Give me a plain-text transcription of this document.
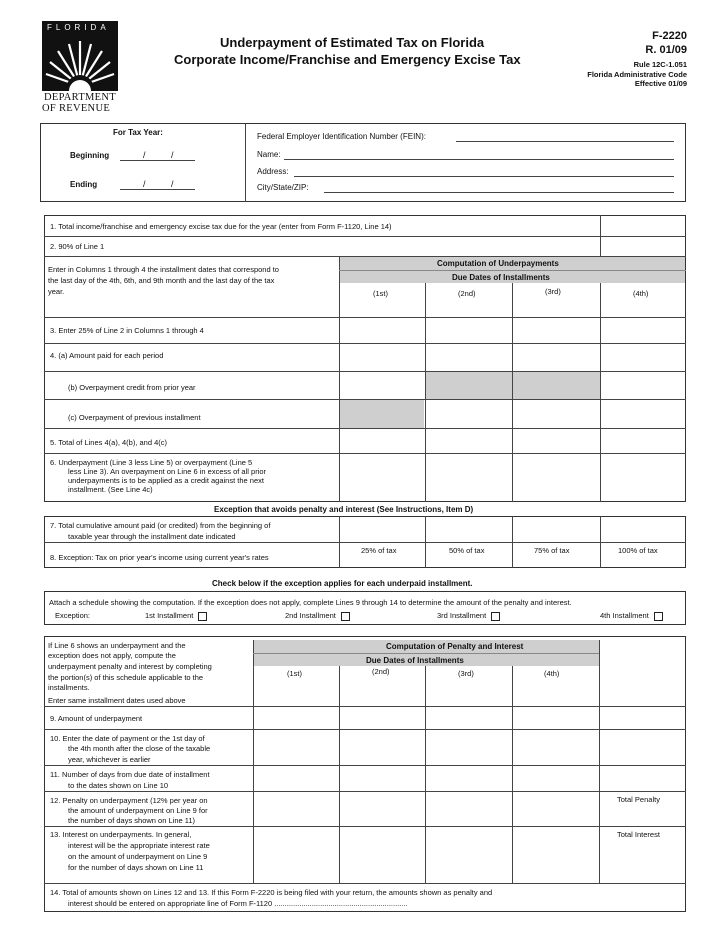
FLORIDA
DEPARTMENT
OF REVENUE
Underpayment of Estimated Tax on Florida
Corporate Income/Franchise and Emergency Excise Tax
F-2220
R. 01/09
Rule 12C-1.051
Florida Administrative Code
Effective 01/09
For Tax Year:
Beginning	/	/
Ending	/	/
Federal Employer Identification Number (FEIN):
Name:
Address:
City/State/ZIP:
1. Total income/franchise and emergency excise tax due for the year (enter from Form F-1120, Line 14)
2. 90% of Line 1
Enter in Columns 1 through 4 the installment dates that correspond to
the last day of the 4th, 6th, and 9th month and the last day of the tax
year.
Computation of Underpayments
Due Dates of Installments
(1st)	(2nd)	(3rd)	(4th)
3. Enter 25% of Line 2 in Columns 1 through 4
4. (a) Amount paid for each period
(b) Overpayment credit from prior year
(c) Overpayment of previous installment
5. Total of Lines 4(a), 4(b), and 4(c)
6. Underpayment (Line 3 less Line 5) or overpayment (Line 5
less Line 3). An overpayment on Line 6 in excess of all prior
underpayments is to be applied as a credit against the next
installment. (See Line 4c)
Exception that avoids penalty and interest (See Instructions, Item D)
7. Total cumulative amount paid (or credited) from the beginning of
taxable year through the installment date indicated
8. Exception: Tax on prior year's income using current year's rates
25% of tax	50% of tax	75% of tax	100% of tax
Check below if the exception applies for each underpaid installment.
Attach a schedule showing the computation. If the exception does not apply, complete Lines 9 through 14 to determine the amount of the penalty and interest.
Exception:	1st Installment	2nd Installment	3rd Installment	4th Installment
If Line 6 shows an underpayment and the
exception does not apply, compute the
underpayment penalty and interest by completing
the portion(s) of this schedule applicable to the
installments.
Enter same installment dates used above
Computation of Penalty and Interest
Due Dates of Installments
(1st)	(2nd)	(3rd)	(4th)
9. Amount of underpayment
10. Enter the date of payment or the 1st day of
the 4th month after the close of the taxable
year, whichever is earlier
11. Number of days from due date of installment
to the dates shown on Line 10
12. Penalty on underpayment (12% per year on
the amount of underpayment on Line 9 for
the number of days shown on Line 11)
Total Penalty
13. Interest on underpayments. In general,
interest will be the appropriate interest rate
on the amount of underpayment on Line 9
for the number of days shown on Line 11
Total Interest
14. Total of amounts shown on Lines 12 and 13. If this Form F-2220 is being filed with your return, the amounts shown as penalty and
interest should be entered on appropriate line of Form F-1120 ................................................................
